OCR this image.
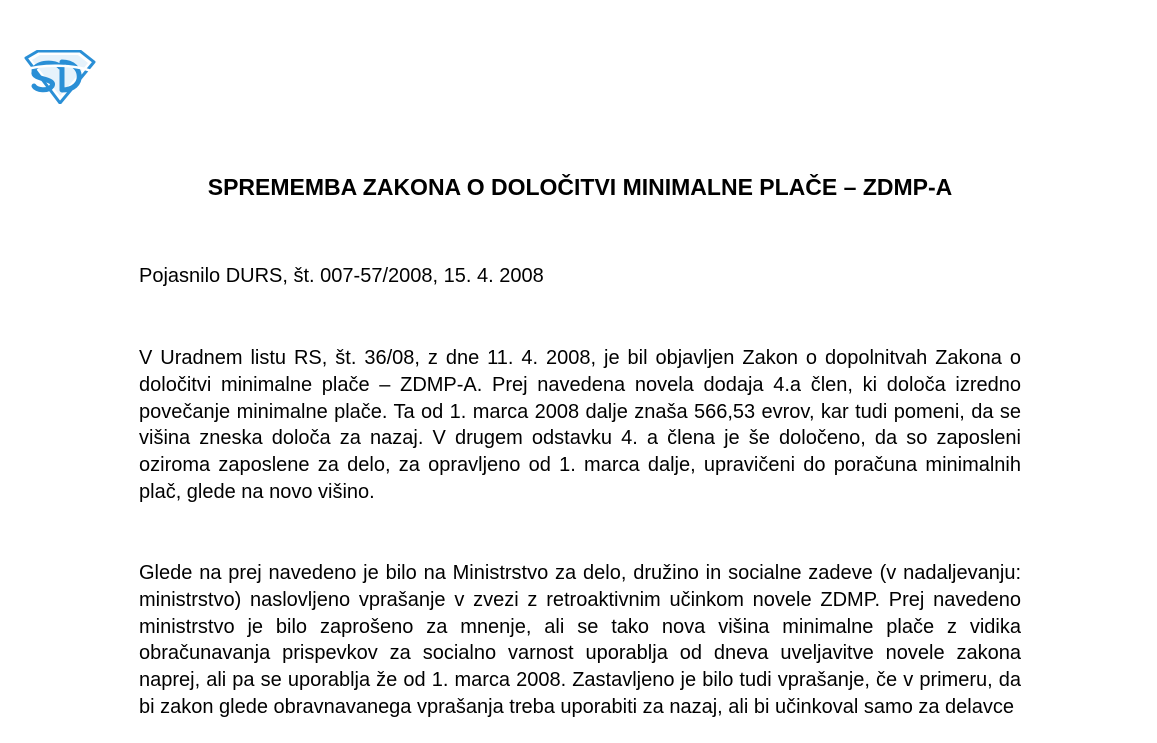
SPREMEMBA ZAKONA O DOLOČITVI MINIMALNE PLAČE – ZDMP-A
Pojasnilo DURS, št. 007-57/2008, 15. 4. 2008
V Uradnem listu RS, št. 36/08, z dne 11. 4. 2008, je bil objavljen Zakon o dopolnitvah Zakona o določitvi minimalne plače – ZDMP-A. Prej navedena novela dodaja 4.a člen, ki določa izredno povečanje minimalne plače. Ta od 1. marca 2008 dalje znaša 566,53 evrov, kar tudi pomeni, da se višina zneska določa za nazaj. V drugem odstavku 4. a člena je še določeno, da so zaposleni oziroma zaposlene za delo, za opravljeno od 1. marca dalje, upravičeni do poračuna minimalnih plač, glede na novo višino.
Glede na prej navedeno je bilo na Ministrstvo za delo, družino in socialne zadeve (v nadaljevanju: ministrstvo) naslovljeno vprašanje v zvezi z retroaktivnim učinkom novele ZDMP. Prej navedeno ministrstvo je bilo zaprošeno za mnenje, ali se tako nova višina minimalne plače z vidika obračunavanja prispevkov za socialno varnost uporablja od dneva uveljavitve novele zakona naprej, ali pa se uporablja že od 1. marca 2008. Zastavljeno je bilo tudi vprašanje, če v primeru, da bi zakon glede obravnavanega vprašanja treba uporabiti za nazaj, ali bi učinkoval samo za delavce
